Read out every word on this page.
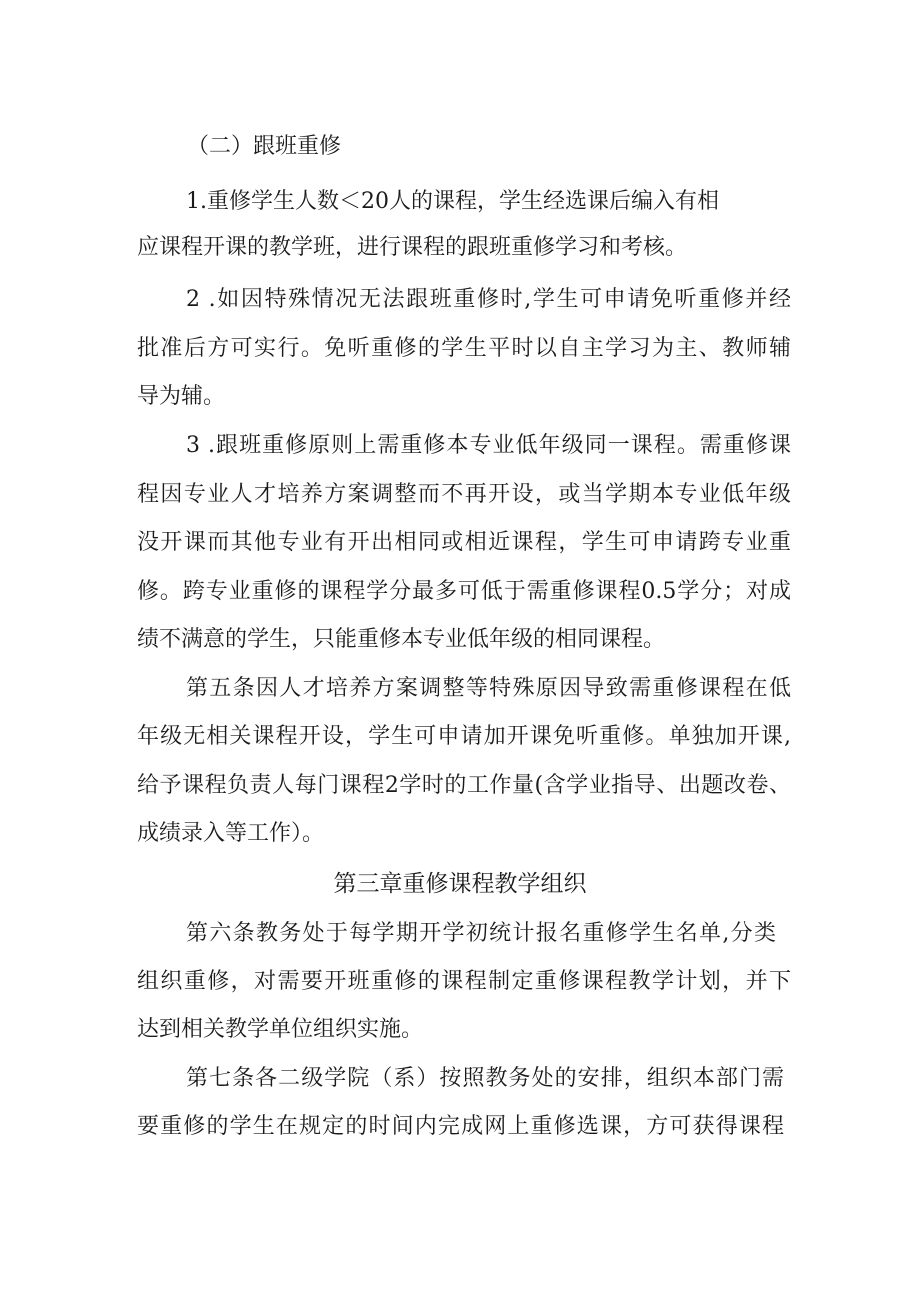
（二）跟班重修
1.重修学生人数＜20人的课程，学生经选课后编入有相
应课程开课的教学班，进行课程的跟班重修学习和考核。
2 .如因特殊情况无法跟班重修时,学生可申请免听重修并经
批准后方可实行。免听重修的学生平时以自主学习为主、教师辅
导为辅。
3 .跟班重修原则上需重修本专业低年级同一课程。需重修课
程因专业人才培养方案调整而不再开设，或当学期本专业低年级
没开课而其他专业有开出相同或相近课程，学生可申请跨专业重
修。跨专业重修的课程学分最多可低于需重修课程0.5学分；对成
绩不满意的学生，只能重修本专业低年级的相同课程。
第五条因人才培养方案调整等特殊原因导致需重修课程在低
年级无相关课程开设，学生可申请加开课免听重修。单独加开课,
给予课程负责人每门课程2学时的工作量(含学业指导、出题改卷、
成绩录入等工作）。
第三章重修课程教学组织
第六条教务处于每学期开学初统计报名重修学生名单,分类
组织重修，对需要开班重修的课程制定重修课程教学计划，并下
达到相关教学单位组织实施。
第七条各二级学院（系）按照教务处的安排，组织本部门需
要重修的学生在规定的时间内完成网上重修选课，方可获得课程
